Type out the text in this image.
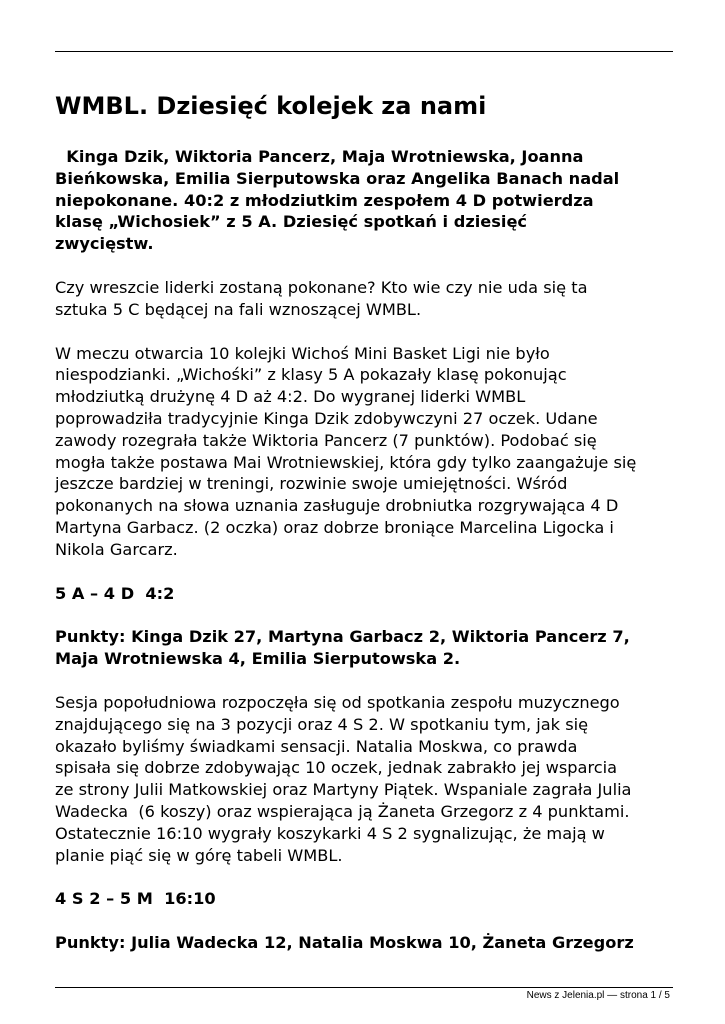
WMBL. Dziesięć kolejek za nami

Kinga Dzik, Wiktoria Pancerz, Maja Wrotniewska, Joanna
Bieńkowska, Emilia Sierputowska oraz Angelika Banach nadal
niepokonane. 40:2 z młodziutkim zespołem 4 D potwierdza
klasę „Wichosiek” z 5 A. Dziesięć spotkań i dziesięć
zwycięstw.

Czy wreszcie liderki zostaną pokonane? Kto wie czy nie uda się ta
sztuka 5 C będącej na fali wznoszącej WMBL.

W meczu otwarcia 10 kolejki Wichoś Mini Basket Ligi nie było
niespodzianki. „Wichośki” z klasy 5 A pokazały klasę pokonując
młodziutką drużynę 4 D aż 4:2. Do wygranej liderki WMBL
poprowadziła tradycyjnie Kinga Dzik zdobywczyni 27 oczek. Udane
zawody rozegrała także Wiktoria Pancerz (7 punktów). Podobać się
mogła także postawa Mai Wrotniewskiej, która gdy tylko zaangażuje się
jeszcze bardziej w treningi, rozwinie swoje umiejętności. Wśród
pokonanych na słowa uznania zasługuje drobniutka rozgrywająca 4 D
Martyna Garbacz. (2 oczka) oraz dobrze broniące Marcelina Ligocka i
Nikola Garcarz.

5 A – 4 D  4:2

Punkty: Kinga Dzik 27, Martyna Garbacz 2, Wiktoria Pancerz 7,
Maja Wrotniewska 4, Emilia Sierputowska 2.

Sesja popołudniowa rozpoczęła się od spotkania zespołu muzycznego
znajdującego się na 3 pozycji oraz 4 S 2. W spotkaniu tym, jak się
okazało byliśmy świadkami sensacji. Natalia Moskwa, co prawda
spisała się dobrze zdobywając 10 oczek, jednak zabrakło jej wsparcia
ze strony Julii Matkowskiej oraz Martyny Piątek. Wspaniale zagrała Julia
Wadecka  (6 koszy) oraz wspierająca ją Żaneta Grzegorz z 4 punktami.
Ostatecznie 16:10 wygrały koszykarki 4 S 2 sygnalizując, że mają w
planie piąć się w górę tabeli WMBL.

4 S 2 – 5 M  16:10

Punkty: Julia Wadecka 12, Natalia Moskwa 10, Żaneta Grzegorz

News z Jelenia.pl — strona 1 / 5
